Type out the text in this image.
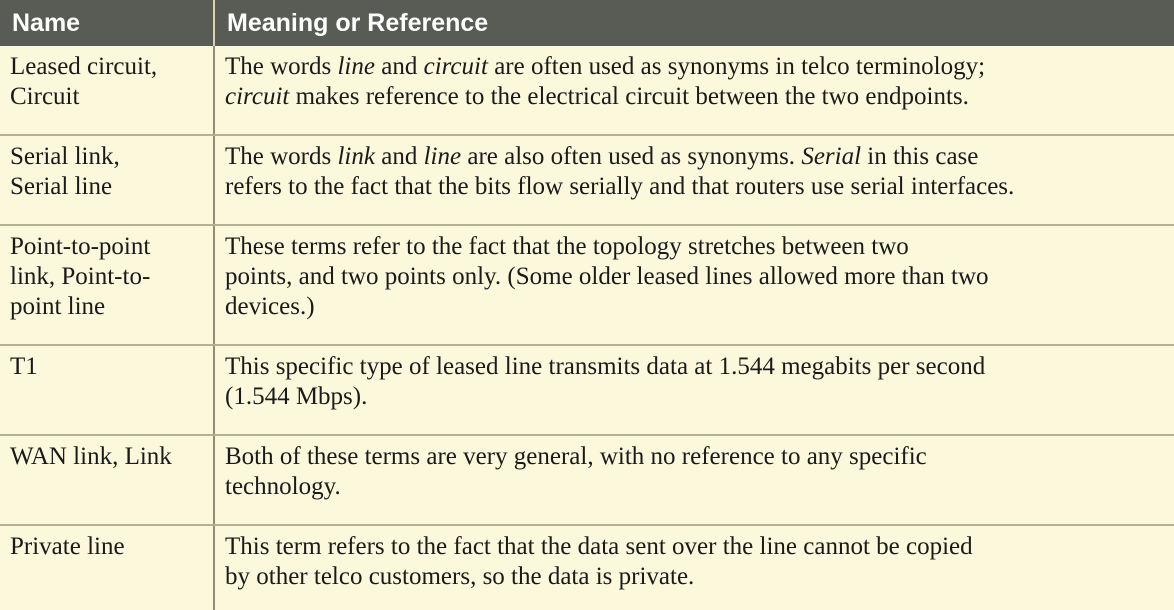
Name	Meaning or Reference

Leased circuit,
Circuit	The words line and circuit are often used as synonyms in telco terminology;
circuit makes reference to the electrical circuit between the two endpoints.

Serial link,
Serial line	The words link and line are also often used as synonyms. Serial in this case
refers to the fact that the bits flow serially and that routers use serial interfaces.

Point-to-point
link, Point-to-
point line	These terms refer to the fact that the topology stretches between two
points, and two points only. (Some older leased lines allowed more than two
devices.)

T1	This specific type of leased line transmits data at 1.544 megabits per second
(1.544 Mbps).

WAN link, Link	Both of these terms are very general, with no reference to any specific
technology.

Private line	This term refers to the fact that the data sent over the line cannot be copied
by other telco customers, so the data is private.
